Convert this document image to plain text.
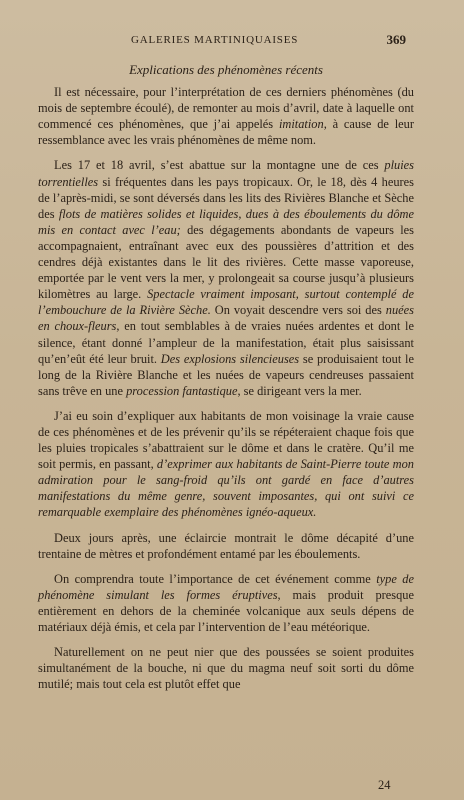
GALERIES MARTINIQUAISES	369
Explications des phénomènes récents

Il est nécessaire, pour l’interprétation de ces derniers phénomènes (du mois de septembre écoulé), de remonter au mois d’avril, date à laquelle ont commencé ces phénomènes, que j’ai appelés imitation, à cause de leur ressemblance avec les vrais phénomènes de même nom.

Les 17 et 18 avril, s’est abattue sur la montagne une de ces pluies torrentielles si fréquentes dans les pays tropicaux. Or, le 18, dès 4 heures de l’après-midi, se sont déversés dans les lits des Rivières Blanche et Sèche des flots de matières solides et liquides, dues à des éboulements du dôme mis en contact avec l’eau; des dégagements abondants de vapeurs les accompagnaient, entraînant avec eux des poussières d’attrition et des cendres déjà existantes dans le lit des rivières. Cette masse vaporeuse, emportée par le vent vers la mer, y prolongeait sa course jusqu’à plusieurs kilomètres au large. Spectacle vraiment imposant, surtout contemplé de l’embouchure de la Rivière Sèche. On voyait descendre vers soi des nuées en choux-fleurs, en tout semblables à de vraies nuées ardentes et dont le silence, étant donné l’ampleur de la manifestation, était plus saisissant qu’en’eût été leur bruit. Des explosions silencieuses se produisaient tout le long de la Rivière Blanche et les nuées de vapeurs cendreuses passaient sans trêve en une procession fantastique, se dirigeant vers la mer.

J’ai eu soin d’expliquer aux habitants de mon voisinage la vraie cause de ces phénomènes et de les prévenir qu’ils se répéteraient chaque fois que les pluies tropicales s’abattraient sur le dôme et dans le cratère. Qu’il me soit permis, en passant, d’exprimer aux habitants de Saint-Pierre toute mon admiration pour le sang-froid qu’ils ont gardé en face d’autres manifestations du même genre, souvent imposantes, qui ont suivi ce remarquable exemplaire des phénomènes ignéo-aqueux.

Deux jours après, une éclaircie montrait le dôme décapité d’une trentaine de mètres et profondément entamé par les éboulements.

On comprendra toute l’importance de cet événement comme type de phénomène simulant les formes éruptives, mais produit presque entièrement en dehors de la cheminée volcanique aux seuls dépens de matériaux déjà émis, et cela par l’intervention de l’eau météorique.

Naturellement on ne peut nier que des poussées se soient produites simultanément de la bouche, ni que du magma neuf soit sorti du dôme mutilé; mais tout cela est plutôt effet que

24
